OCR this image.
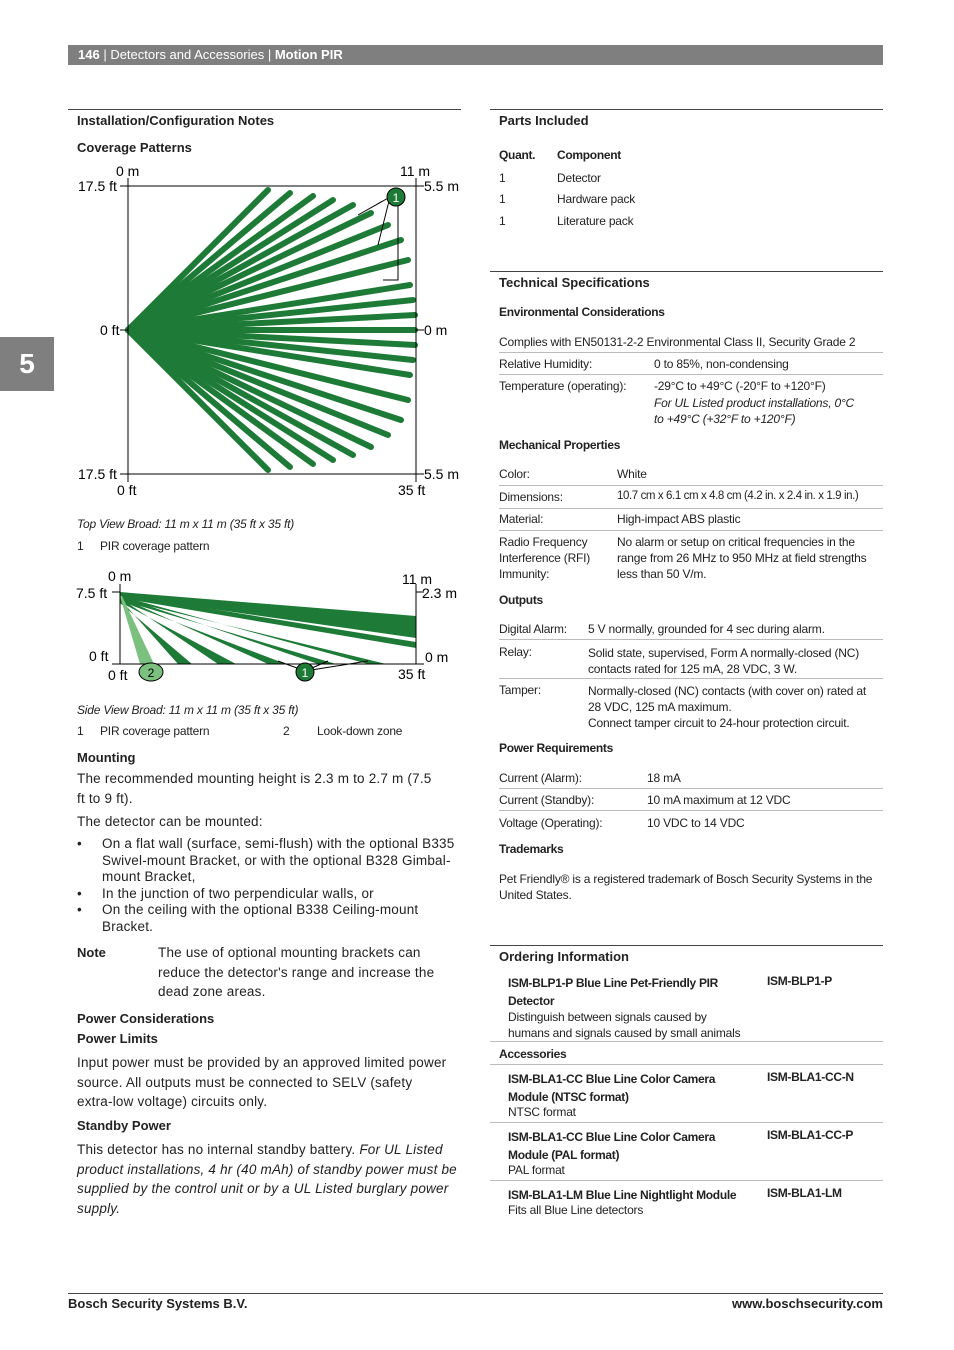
146 | Detectors and Accessories | Motion PIR
5
Installation/Configuration Notes
Coverage Patterns
1
0 m	11 m
17.5 ft	5.5 m
0 ft	0 m
17.5 ft	5.5 m
0 ft	35 ft
Top View Broad: 11 m x 11 m (35 ft x 35 ft)
1 PIR coverage pattern
1
2
0 m	11 m
7.5 ft	2.3 m
0 ft	0 m
0 ft	35 ft
Side View Broad: 11 m x 11 m (35 ft x 35 ft)
1 PIR coverage pattern	2 Look-down zone
Mounting
The recommended mounting height is 2.3 m to 2.7 m (7.5 ft to 9 ft).
The detector can be mounted:
• On a flat wall (surface, semi-flush) with the optional B335 Swivel-mount Bracket, or with the optional B328 Gimbal-mount Bracket,
• In the junction of two perpendicular walls, or
• On the ceiling with the optional B338 Ceiling-mount Bracket.
Note	The use of optional mounting brackets can reduce the detector's range and increase the dead zone areas.
Power Considerations
Power Limits
Input power must be provided by an approved limited power source. All outputs must be connected to SELV (safety extra-low voltage) circuits only.
Standby Power
This detector has no internal standby battery. For UL Listed product installations, 4 hr (40 mAh) of standby power must be supplied by the control unit or by a UL Listed burglary power supply.
Parts Included
Quant. Component
1	Detector
1	Hardware pack
1	Literature pack
Technical Specifications
Environmental Considerations
Complies with EN50131-2-2 Environmental Class II, Security Grade 2
Relative Humidity:	0 to 85%, non-condensing
Temperature (operating): -29°C to +49°C (-20°F to +120°F)
For UL Listed product installations, 0°C to +49°C (+32°F to +120°F)
Mechanical Properties
Color:	White
Dimensions:	10.7 cm x 6.1 cm x 4.8 cm (4.2 in. x 2.4 in. x 1.9 in.)
Material:	High-impact ABS plastic
Radio Frequency Interference (RFI) Immunity:
No alarm or setup on critical frequencies in the range from 26 MHz to 950 MHz at field strengths less than 50 V/m.
Outputs
Digital Alarm: 5 V normally, grounded for 4 sec during alarm.
Relay:	Solid state, supervised, Form A normally-closed (NC) contacts rated for 125 mA, 28 VDC, 3 W.
Tamper:	Normally-closed (NC) contacts (with cover on) rated at 28 VDC, 125 mA maximum.
Connect tamper circuit to 24-hour protection circuit.
Power Requirements
Current (Alarm):	18 mA
Current (Standby):	10 mA maximum at 12 VDC
Voltage (Operating):	10 VDC to 14 VDC
Trademarks
Pet Friendly® is a registered trademark of Bosch Security Systems in the United States.
Ordering Information
ISM-BLP1-P Blue Line Pet-Friendly PIR Detector
Distinguish between signals caused by humans and signals caused by small animals
ISM-BLP1-P
Accessories
ISM-BLA1-CC Blue Line Color Camera Module (NTSC format)
NTSC format
ISM-BLA1-CC-N
ISM-BLA1-CC Blue Line Color Camera Module (PAL format)
PAL format
ISM-BLA1-CC-P
ISM-BLA1-LM Blue Line Nightlight Module
Fits all Blue Line detectors
ISM-BLA1-LM
Bosch Security Systems B.V.	www.boschsecurity.com
